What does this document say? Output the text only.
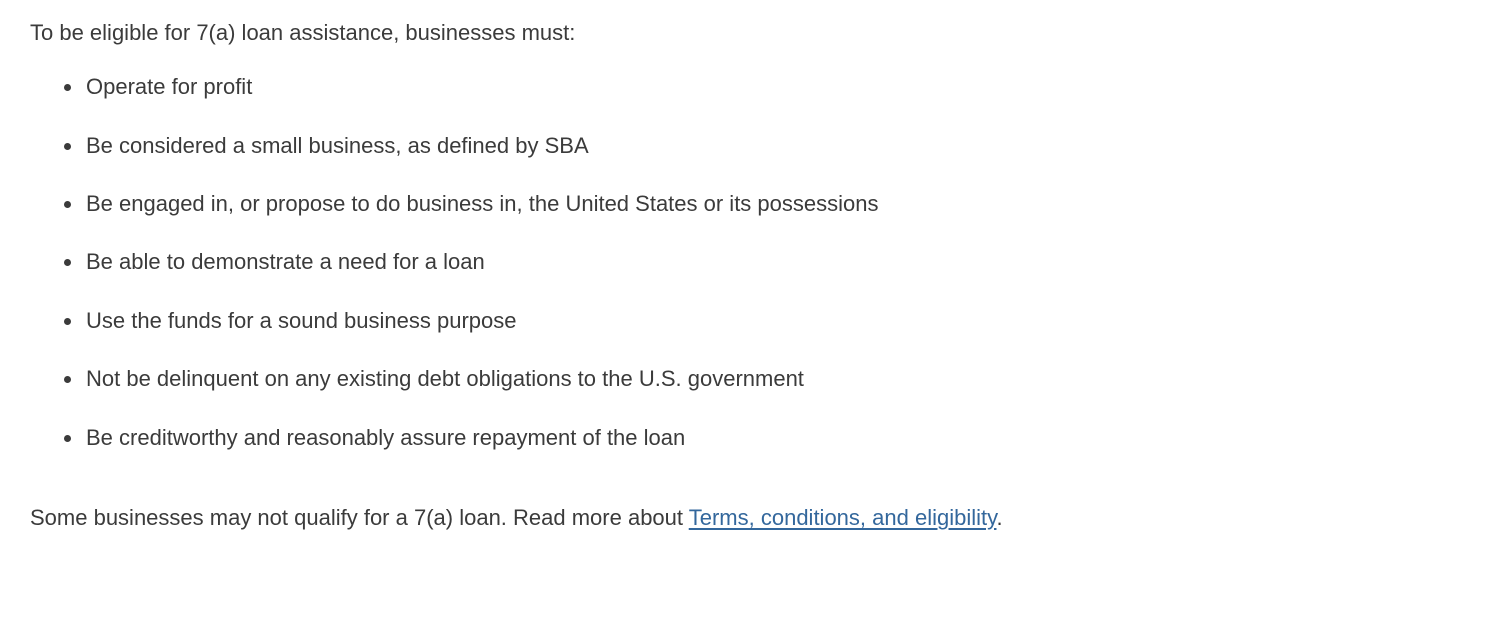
To be eligible for 7(a) loan assistance, businesses must:

• Operate for profit
• Be considered a small business, as defined by SBA
• Be engaged in, or propose to do business in, the United States or its possessions
• Be able to demonstrate a need for a loan
• Use the funds for a sound business purpose
• Not be delinquent on any existing debt obligations to the U.S. government
• Be creditworthy and reasonably assure repayment of the loan

Some businesses may not qualify for a 7(a) loan. Read more about Terms, conditions, and eligibility.
